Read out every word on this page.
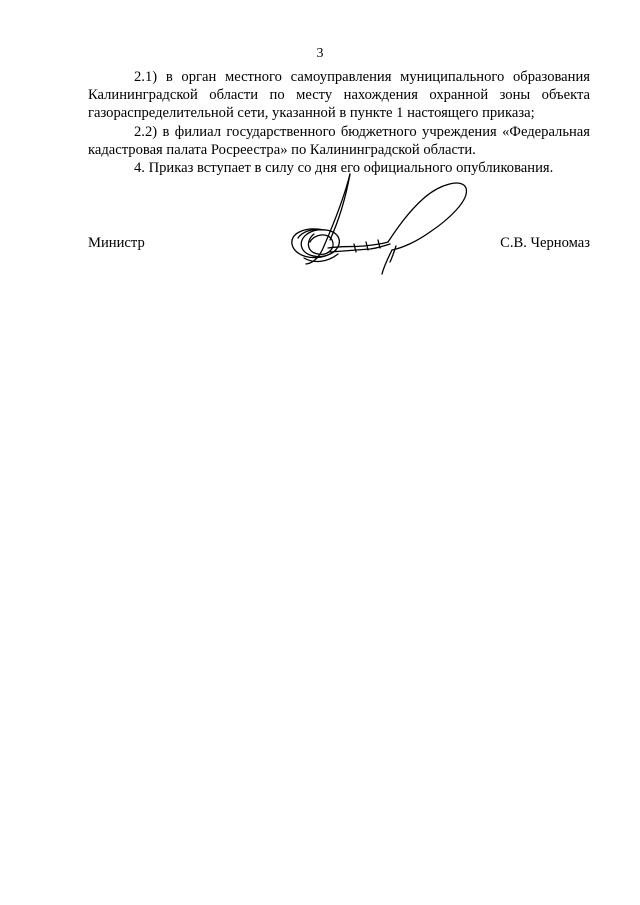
3

2.1) в орган местного самоуправления муниципального образования Калининградской области по месту нахождения охранной зоны объекта газораспределительной сети, указанной в пункте 1 настоящего приказа;

2.2) в филиал государственного бюджетного учреждения «Федеральная кадастровая палата Росреестра» по Калининградской области.

4. Приказ вступает в силу со дня его официального опубликования.

Министр	С.В. Черномаз
